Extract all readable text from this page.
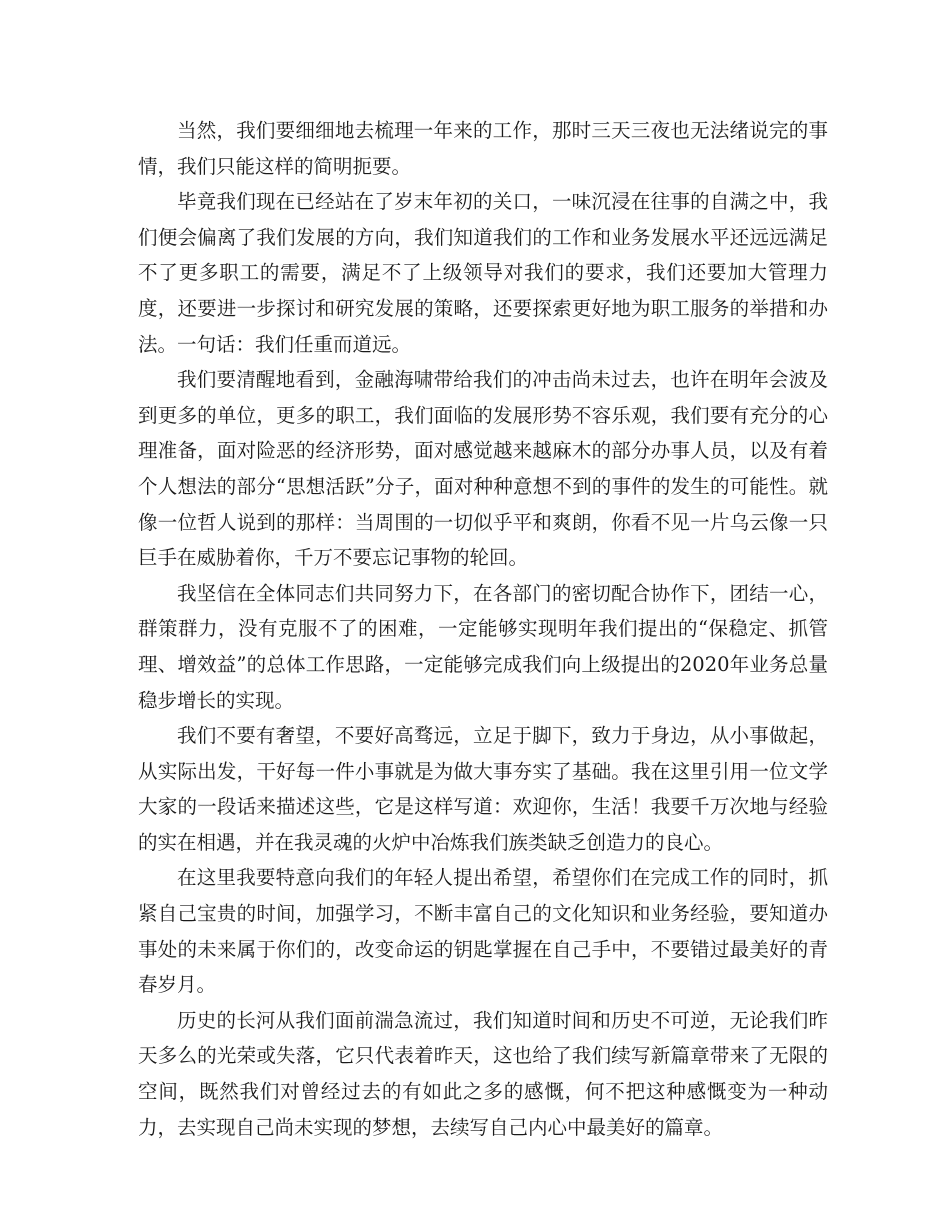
当然，我们要细细地去梳理一年来的工作，那时三天三夜也无法绪说完的事情，我们只能这样的简明扼要。

毕竟我们现在已经站在了岁末年初的关口，一味沉浸在往事的自满之中，我们便会偏离了我们发展的方向，我们知道我们的工作和业务发展水平还远远满足不了更多职工的需要，满足不了上级领导对我们的要求，我们还要加大管理力度，还要进一步探讨和研究发展的策略，还要探索更好地为职工服务的举措和办法。一句话：我们任重而道远。

我们要清醒地看到，金融海啸带给我们的冲击尚未过去，也许在明年会波及到更多的单位，更多的职工，我们面临的发展形势不容乐观，我们要有充分的心理准备，面对险恶的经济形势，面对感觉越来越麻木的部分办事人员，以及有着个人想法的部分“思想活跃”分子，面对种种意想不到的事件的发生的可能性。就像一位哲人说到的那样：当周围的一切似乎平和爽朗，你看不见一片乌云像一只巨手在威胁着你，千万不要忘记事物的轮回。

我坚信在全体同志们共同努力下，在各部门的密切配合协作下，团结一心，群策群力，没有克服不了的困难，一定能够实现明年我们提出的“保稳定、抓管理、增效益”的总体工作思路，一定能够完成我们向上级提出的2020年业务总量稳步增长的实现。

我们不要有奢望，不要好高骛远，立足于脚下，致力于身边，从小事做起，从实际出发，干好每一件小事就是为做大事夯实了基础。我在这里引用一位文学大家的一段话来描述这些，它是这样写道：欢迎你，生活！我要千万次地与经验的实在相遇，并在我灵魂的火炉中冶炼我们族类缺乏创造力的良心。

在这里我要特意向我们的年轻人提出希望，希望你们在完成工作的同时，抓紧自己宝贵的时间，加强学习，不断丰富自己的文化知识和业务经验，要知道办事处的未来属于你们的，改变命运的钥匙掌握在自己手中，不要错过最美好的青春岁月。

历史的长河从我们面前湍急流过，我们知道时间和历史不可逆，无论我们昨天多么的光荣或失落，它只代表着昨天，这也给了我们续写新篇章带来了无限的空间，既然我们对曾经过去的有如此之多的感慨，何不把这种感慨变为一种动力，去实现自己尚未实现的梦想，去续写自己内心中最美好的篇章。
